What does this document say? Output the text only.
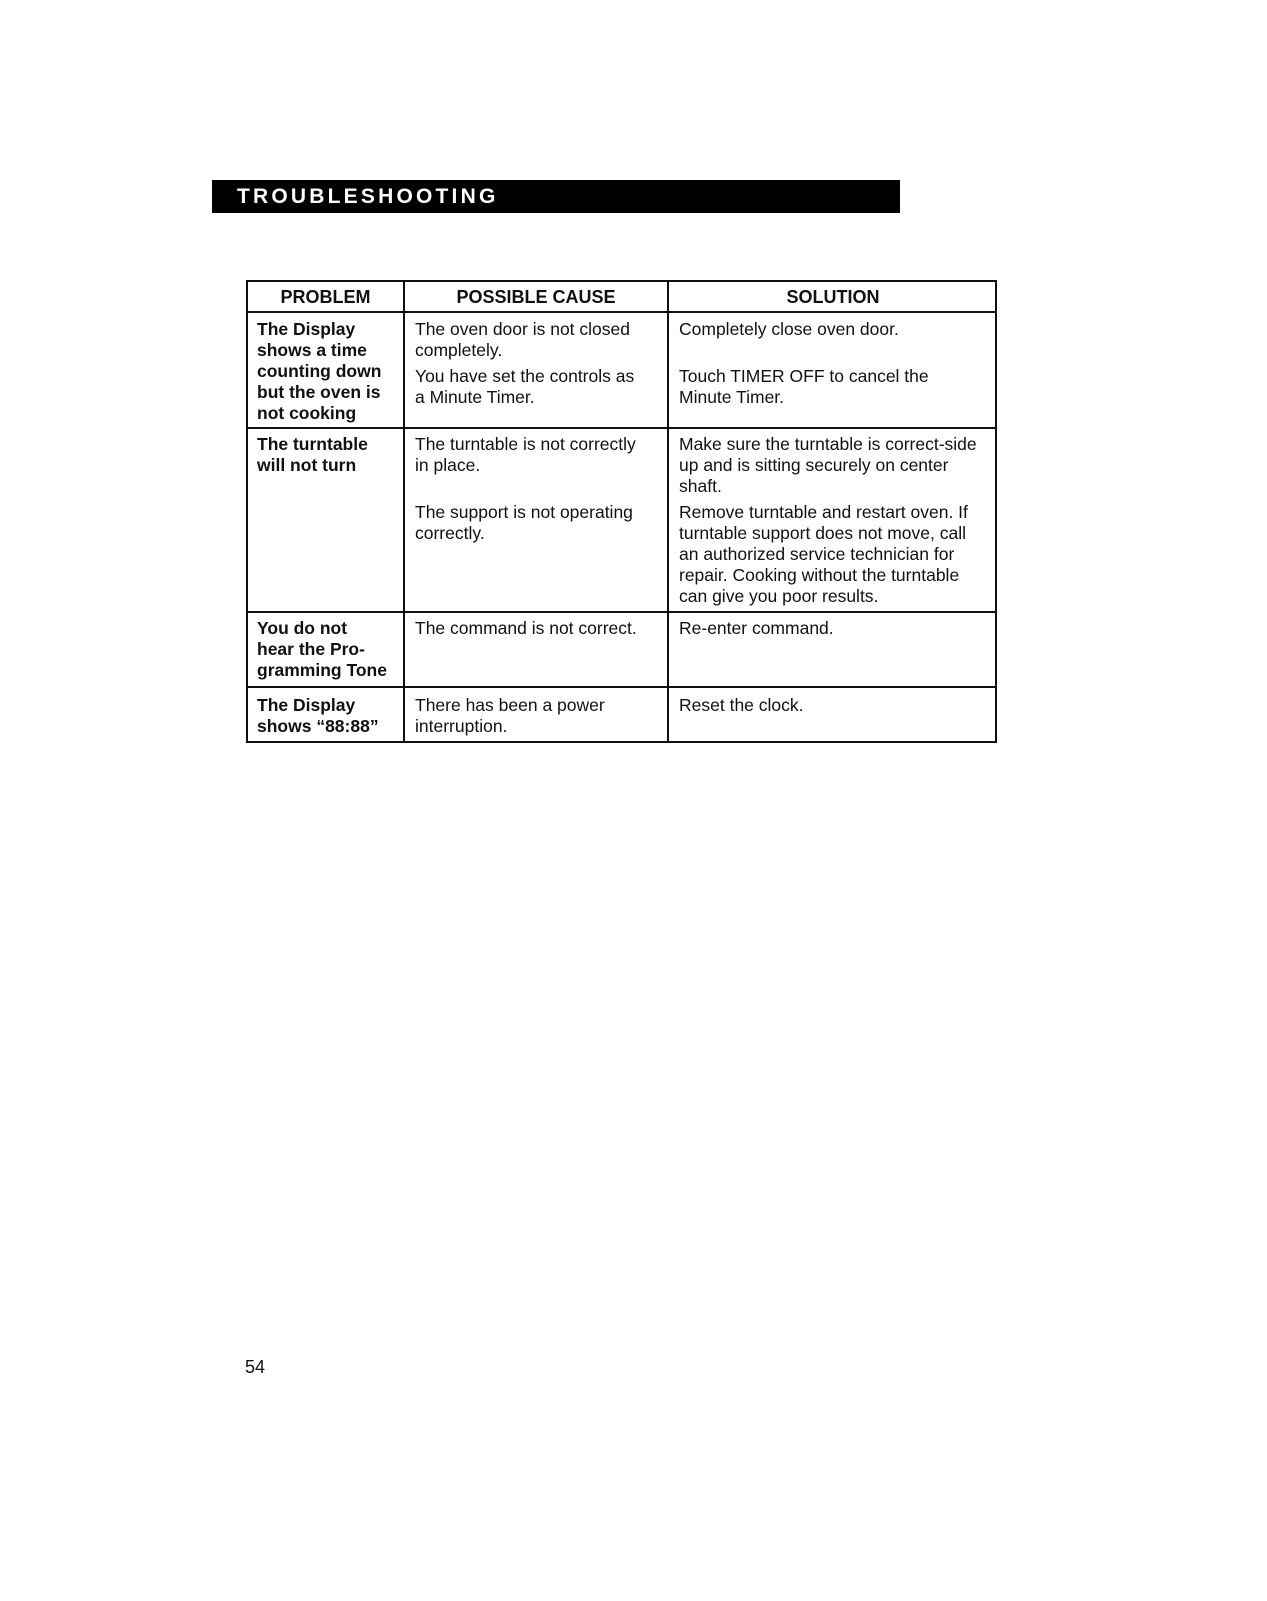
TROUBLESHOOTING
PROBLEM	POSSIBLE CAUSE	SOLUTION
The Display
shows a time
counting down
but the oven is
not cooking
The oven door is not closed
completely.
You have set the controls as
a Minute Timer.
Completely close oven door.
Touch TIMER OFF to cancel the
Minute Timer.
The turntable
will not turn
The turntable is not correctly
in place.
The support is not operating
correctly.
Make sure the turntable is correct-side
up and is sitting securely on center
shaft.
Remove turntable and restart oven. If
turntable support does not move, call
an authorized service technician for
repair. Cooking without the turntable
can give you poor results.
You do not
hear the Pro-
gramming Tone
The command is not correct. Re-enter command.
The Display
shows “88:88”
There has been a power
interruption.
Reset the clock.
54
